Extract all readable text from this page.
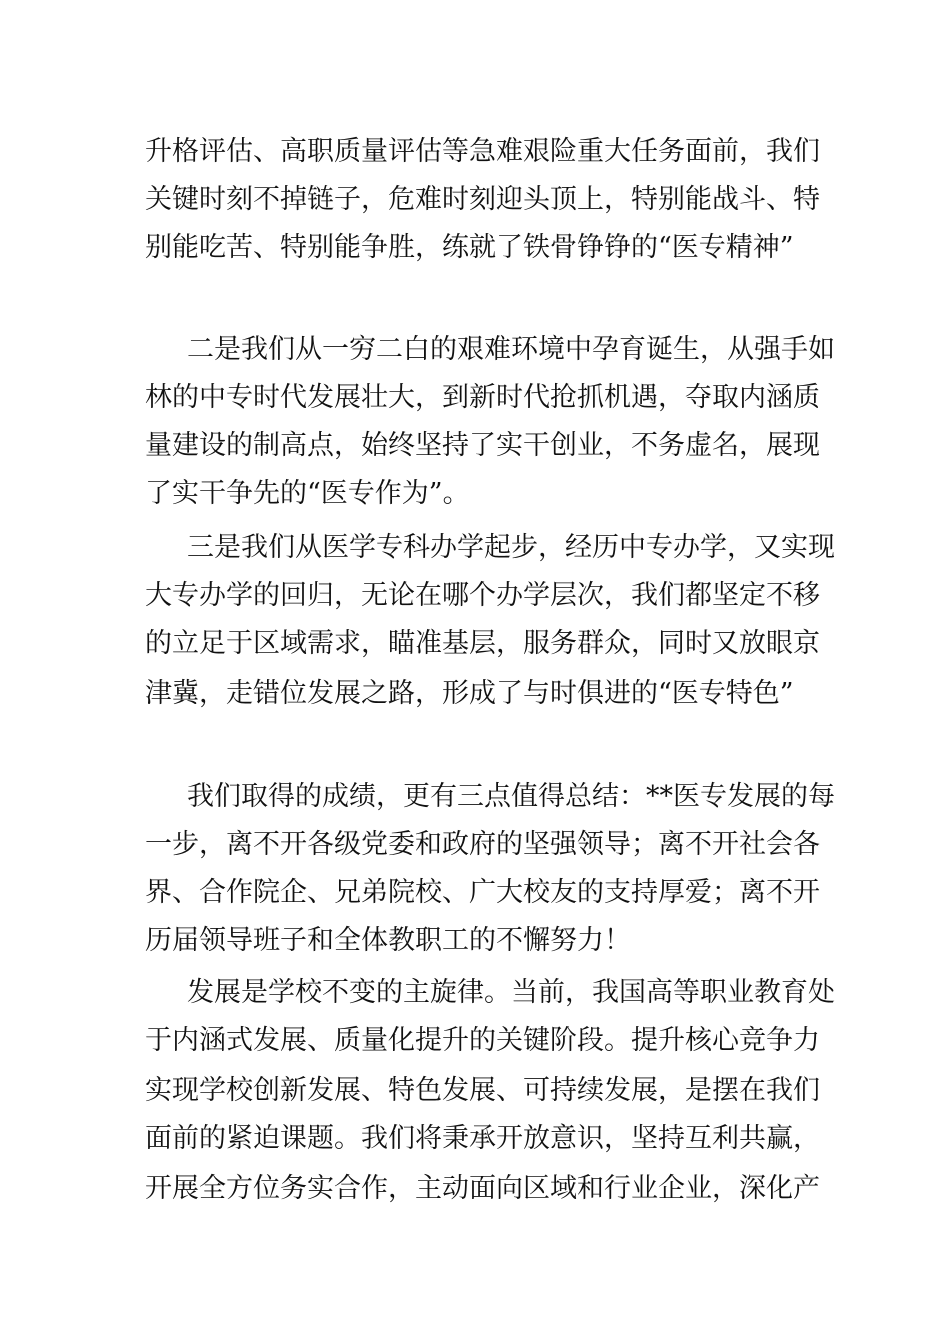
升格评估、高职质量评估等急难艰险重大任务面前，我们
关键时刻不掉链子，危难时刻迎头顶上，特别能战斗、特
别能吃苦、特别能争胜，练就了铁骨铮铮的“医专精神”
二是我们从一穷二白的艰难环境中孕育诞生，从强手如
林的中专时代发展壮大，到新时代抢抓机遇，夺取内涵质
量建设的制高点，始终坚持了实干创业，不务虚名，展现
了实干争先的“医专作为”。
三是我们从医学专科办学起步，经历中专办学，又实现
大专办学的回归，无论在哪个办学层次，我们都坚定不移
的立足于区域需求，瞄准基层，服务群众，同时又放眼京
津冀，走错位发展之路，形成了与时俱进的“医专特色”
我们取得的成绩，更有三点值得总结：**医专发展的每
一步，离不开各级党委和政府的坚强领导；离不开社会各
界、合作院企、兄弟院校、广大校友的支持厚爱；离不开
历届领导班子和全体教职工的不懈努力！
发展是学校不变的主旋律。当前，我国高等职业教育处
于内涵式发展、质量化提升的关键阶段。提升核心竞争力
实现学校创新发展、特色发展、可持续发展，是摆在我们
面前的紧迫课题。我们将秉承开放意识，坚持互利共赢，
开展全方位务实合作，主动面向区域和行业企业，深化产
